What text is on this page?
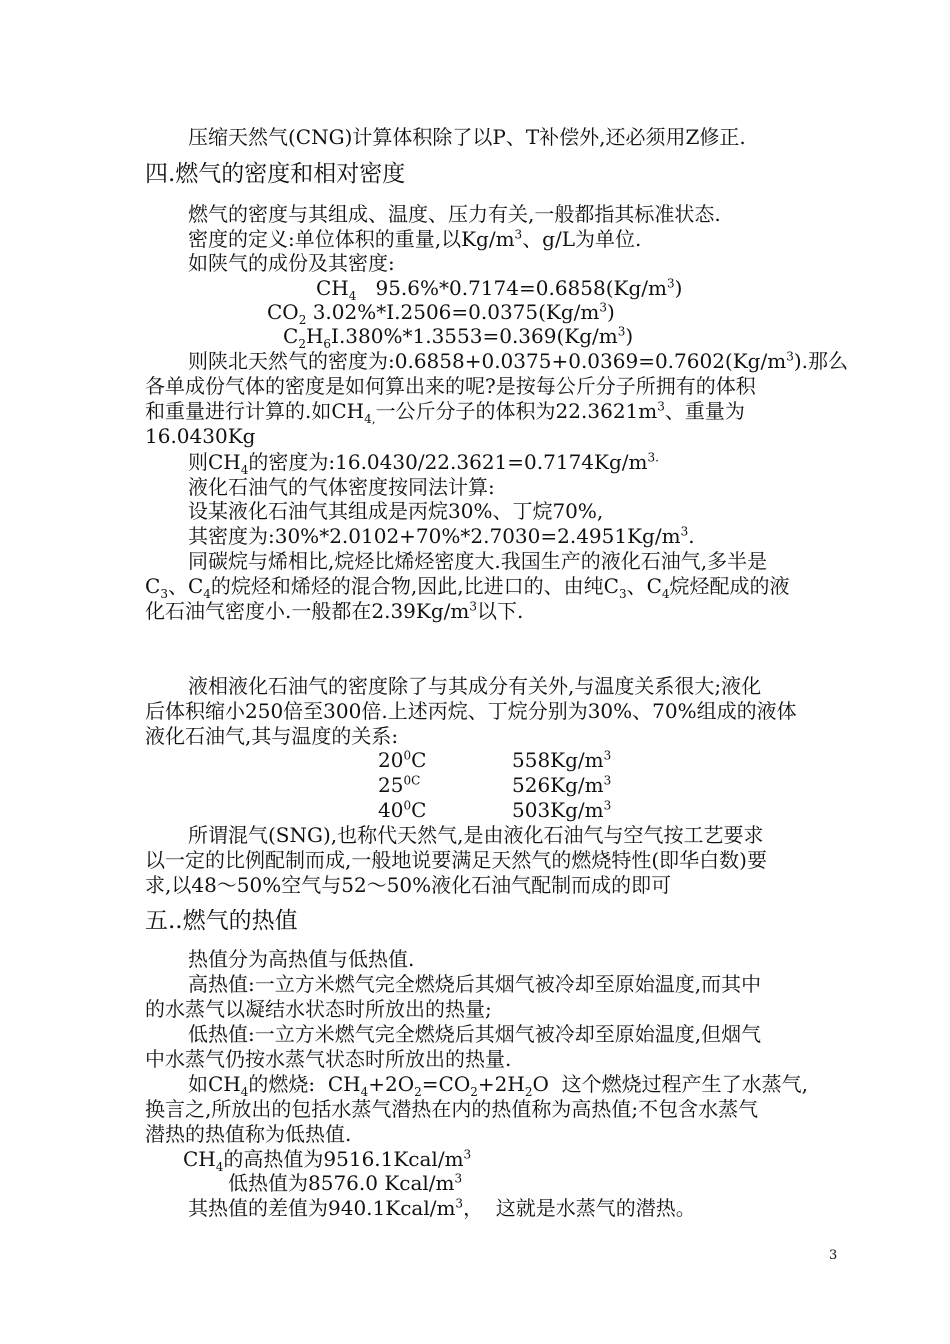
压缩天然气(CNG)计算体积除了以P、T补偿外,还必须用Z修正.
四.燃气的密度和相对密度
燃气的密度与其组成、温度、压力有关,一般都指其标准状态.
密度的定义:单位体积的重量,以$Kg/m^3$、g/L为单位.
如陕气的成份及其密度:
$CH_4$   $95.6\%*0.7174=0.6858(Kg/m^3)$
$CO_2$ $3.02\%*I.2506=0.0375(Kg/m^3)$
$C_2H_6I.380\%*1.3553=0.369(Kg/m^3)$
则陕北天然气的密度为$:0.6858+0.0375+0.0369=0.7602(Kg/m^3)$.那么
各单成份气体的密度是如何算出来的呢?是按每公斤分子所拥有的体积
和重量进行计算的.如$CH_{4,}$一公斤分子的体积为$22.3621m^3$、重量为
16.0430Kg
则$CH_4$的密度为$:16.0430/22.3621=0.7174Kg/m^{3.}$
液化石油气的气体密度按同法计算:
设某液化石油气其组成是丙烷30%、丁烷70%,
其密度为$:30\%*2.0102+70\%*2.7030=2.4951Kg/m^3$.
同碳烷与烯相比,烷烃比烯烃密度大.我国生产的液化石油气,多半是
$C_3$、$C_4$的烷烃和烯烃的混合物,因此,比进口的、由纯$C_3$、$C_4$烷烃配成的液
化石油气密度小.一般都在$2.39Kg/m^3$以下.
液相液化石油气的密度除了与其成分有关外,与温度关系很大;液化
后体积缩小250倍至300倍.上述丙烷、丁烷分别为30%、70%组成的液体
液化石油气,其与温度的关系:
$20^0C$	$558Kg/m^3$
$25^{0C}$	$526Kg/m^3$
$40^0C$	$503Kg/m^3$
所谓混气(SNG),也称代天然气,是由液化石油气与空气按工艺要求
以一定的比例配制而成,一般地说要满足天然气的燃烧特性(即华白数)要
求,以48～50%空气与52～50%液化石油气配制而成的即可
五..燃气的热值
热值分为高热值与低热值.
高热值:一立方米燃气完全燃烧后其烟气被冷却至原始温度,而其中
的水蒸气以凝结水状态时所放出的热量;
低热值:一立方米燃气完全燃烧后其烟气被冷却至原始温度,但烟气
中水蒸气仍按水蒸气状态时所放出的热量.
如$CH_4$的燃烧:  $CH_4+2O_2=CO_2+2H_2O$  这个燃烧过程产生了水蒸气,
换言之,所放出的包括水蒸气潜热在内的热值称为高热值;不包含水蒸气
潜热的热值称为低热值.
$CH_4$的高热值为$9516.1Kcal/m^3$
低热值为8576.0 Kcal/$m^3$
其热值的差值为$940.1Kcal/m^3$，  这就是水蒸气的潜热。
3
